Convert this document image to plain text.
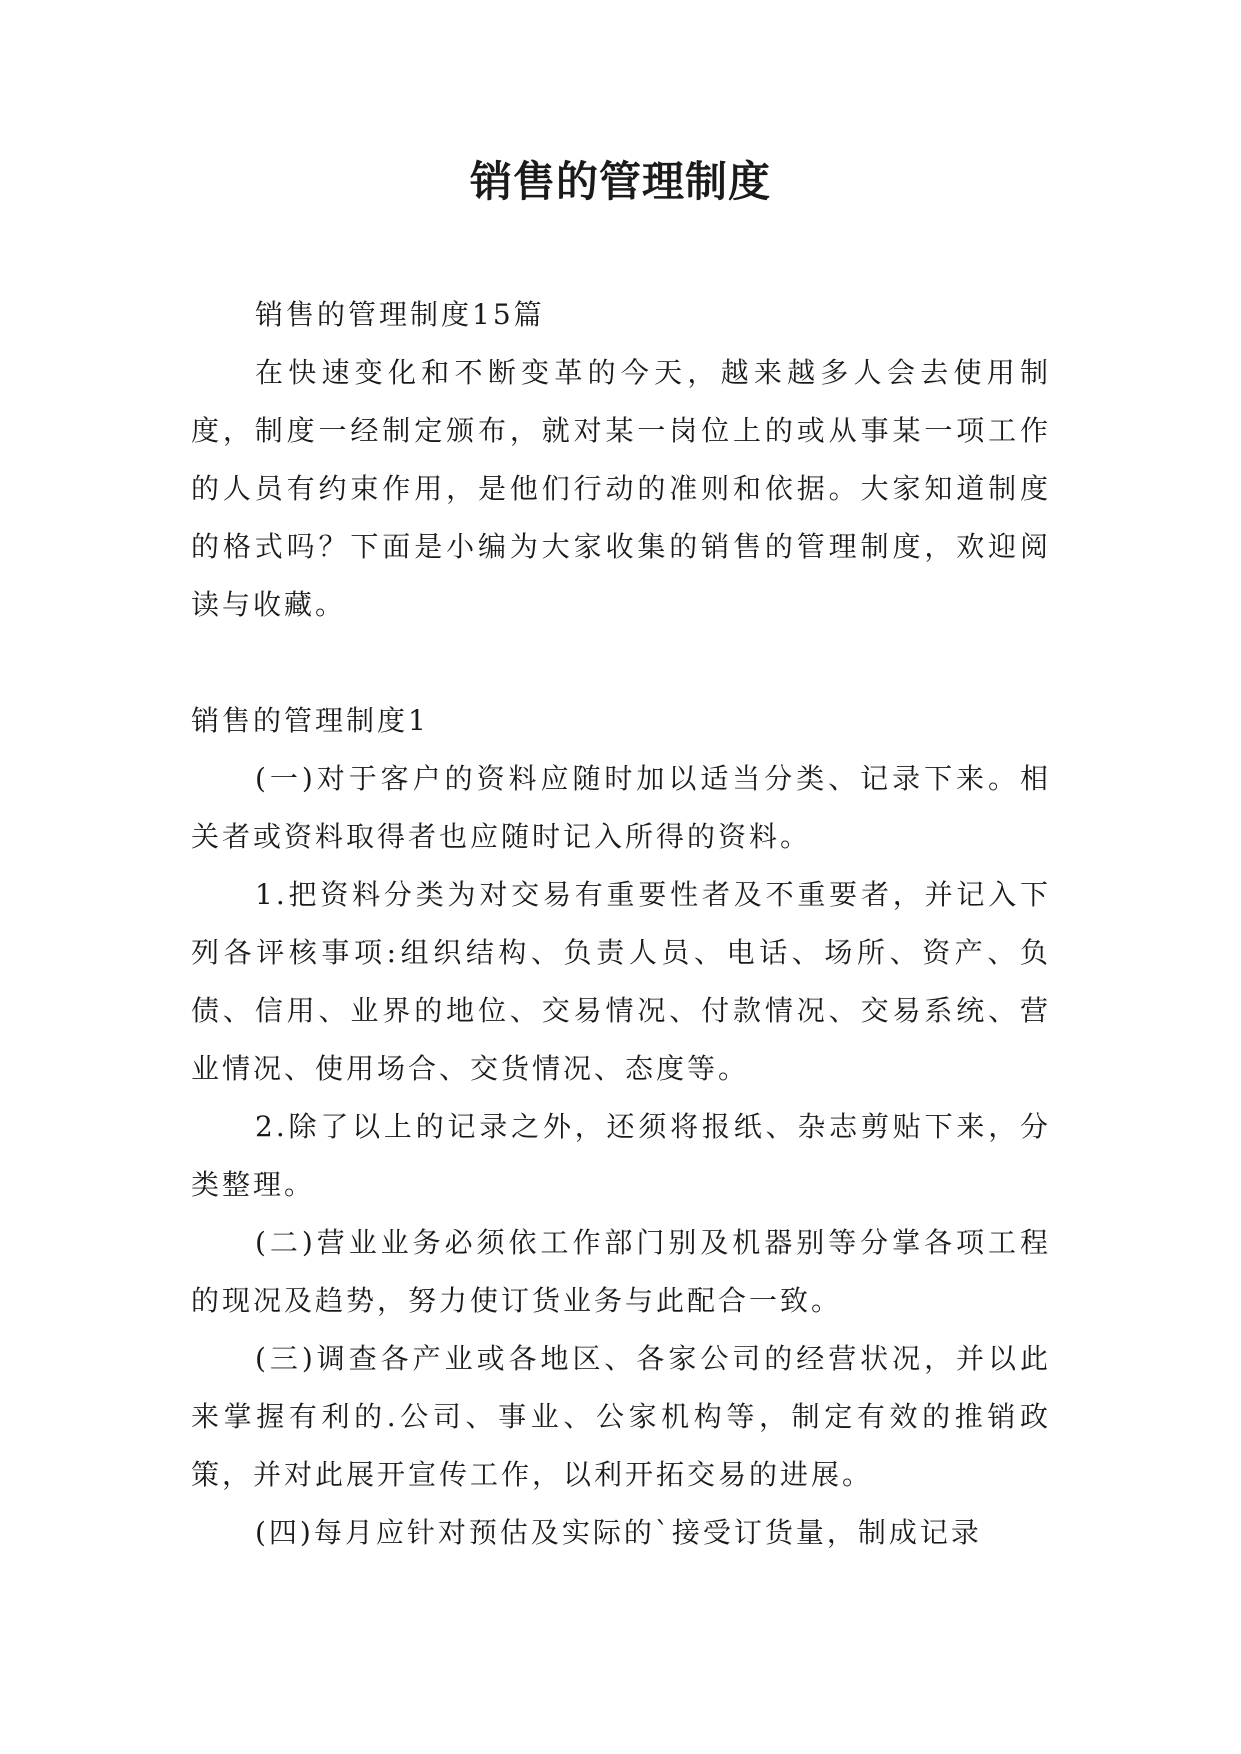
销售的管理制度

销售的管理制度15篇

在快速变化和不断变革的今天，越来越多人会去使用制度，制度一经制定颁布，就对某一岗位上的或从事某一项工作的人员有约束作用，是他们行动的准则和依据。大家知道制度的格式吗？下面是小编为大家收集的销售的管理制度，欢迎阅读与收藏。

销售的管理制度1

(一)对于客户的资料应随时加以适当分类、记录下来。相关者或资料取得者也应随时记入所得的资料。

1.把资料分类为对交易有重要性者及不重要者，并记入下列各评核事项:组织结构、负责人员、电话、场所、资产、负债、信用、业界的地位、交易情况、付款情况、交易系统、营业情况、使用场合、交货情况、态度等。

2.除了以上的记录之外，还须将报纸、杂志剪贴下来，分类整理。

(二)营业业务必须依工作部门别及机器别等分掌各项工程的现况及趋势，努力使订货业务与此配合一致。

(三)调查各产业或各地区、各家公司的经营状况，并以此来掌握有利的.公司、事业、公家机构等，制定有效的推销政策，并对此展开宣传工作，以利开拓交易的进展。

(四)每月应针对预估及实际的`接受订货量，制成记录
